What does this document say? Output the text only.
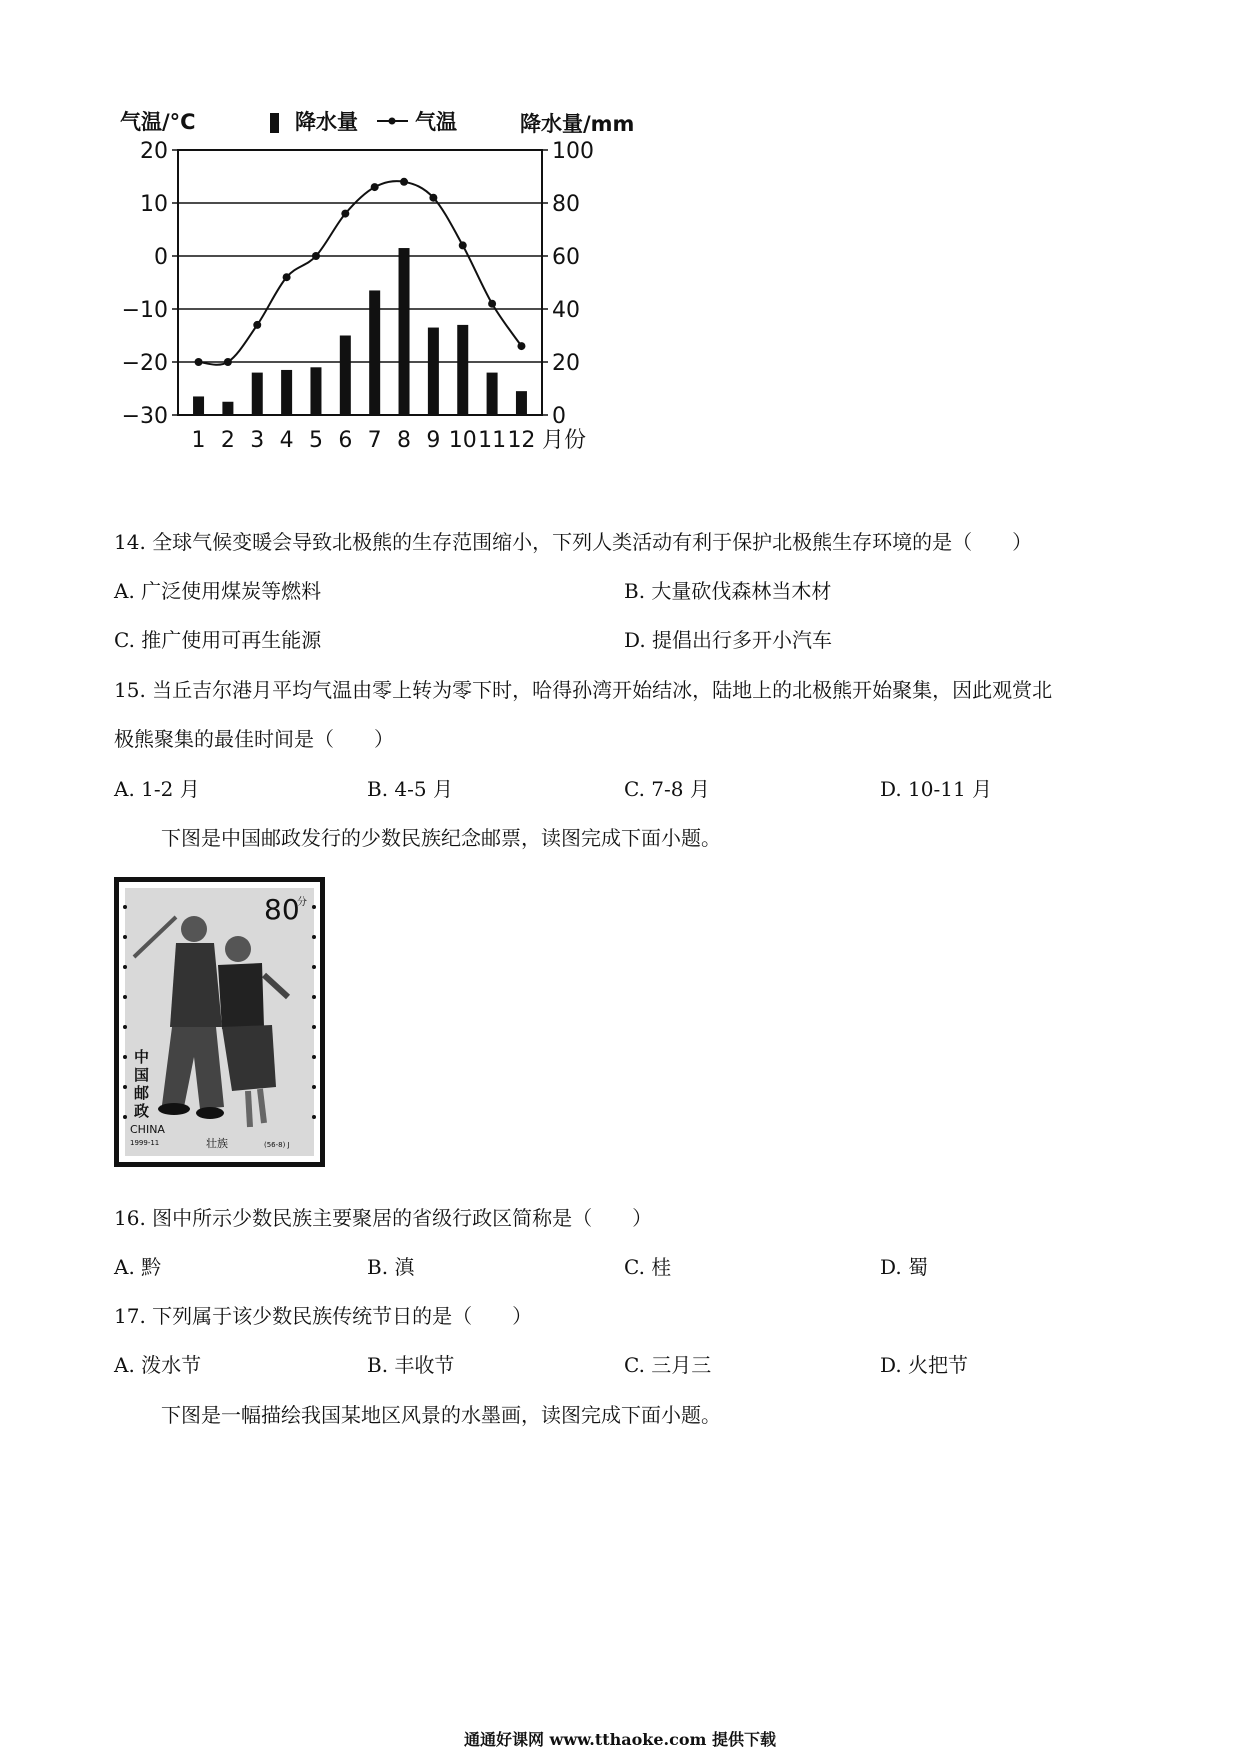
气温/°C	降水量	气温	降水量/mm
20	100
10	80
0	60
−10	40
−20	20
−30	0
1 2 3 4 5 6 7 8 9 10 11 12 月份
14. 全球气候变暖会导致北极熊的生存范围缩小，下列人类活动有利于保护北极熊生存环境的是（　　）
A. 广泛使用煤炭等燃料	B. 大量砍伐森林当木材
C. 推广使用可再生能源	D. 提倡出行多开小汽车
15. 当丘吉尔港月平均气温由零上转为零下时，哈得孙湾开始结冰，陆地上的北极熊开始聚集，因此观赏北
极熊聚集的最佳时间是（　　）
A. 1-2 月	B. 4-5 月	C. 7-8 月	D. 10-11 月
下图是中国邮政发行的少数民族纪念邮票，读图完成下面小题。
80
分
中
国
邮
政
CHINA
1999-11	壮族	(56-8) J
16. 图中所示少数民族主要聚居的省级行政区简称是（　　）
A. 黔	B. 滇	C. 桂	D. 蜀
17. 下列属于该少数民族传统节日的是（　　）
A. 泼水节	B. 丰收节	C. 三月三	D. 火把节
下图是一幅描绘我国某地区风景的水墨画，读图完成下面小题。
通通好课网 www.tthaoke.com 提供下载
